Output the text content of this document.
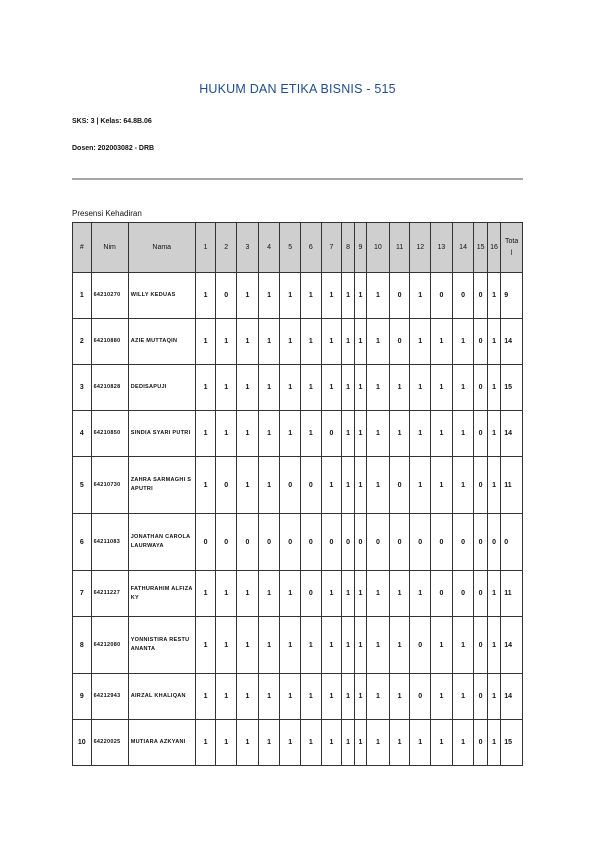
HUKUM DAN ETIKA BISNIS - 515
SKS: 3 | Kelas: 64.8B.06
Dosen: 202003082 - DRB
Presensi Kehadiran
#	Nim	Nama	1	2	3	4	5	6	7	8	9	10	11	12	13	14	15	16	Total
1	64210270	WILLY KEDUAS	1	0	1	1	1	1	1	1	1	1	0	1	0	0	0	1	9
2	64210880	AZIE MUTTAQIN	1	1	1	1	1	1	1	1	1	1	0	1	1	1	0	1	14
3	64210828	DEDISAPUJI	1	1	1	1	1	1	1	1	1	1	1	1	1	1	0	1	15
4	64210850	SINDIA SYARI PUTRI	1	1	1	1	1	1	0	1	1	1	1	1	1	1	0	1	14
5	64210730	ZAHRA SARMAGHI SAPUTRI	1	0	1	1	0	0	1	1	1	1	0	1	1	1	0	1	11
6	64211083	JONATHAN CAROLA LAURWAYA	0	0	0	0	0	0	0	0	0	0	0	0	0	0	0	0	0
7	64211227	FATHURAHIM ALFIZAKY	1	1	1	1	1	0	1	1	1	1	1	1	0	0	0	1	11
8	64212080	YONNISTIRA RESTU ANANTA	1	1	1	1	1	1	1	1	1	1	1	0	1	1	0	1	14
9	64212943	AIRZAL KHALIQAN	1	1	1	1	1	1	1	1	1	1	1	0	1	1	0	1	14
10	64220025	MUTIARA AZKYANI	1	1	1	1	1	1	1	1	1	1	1	1	1	1	0	1	15
